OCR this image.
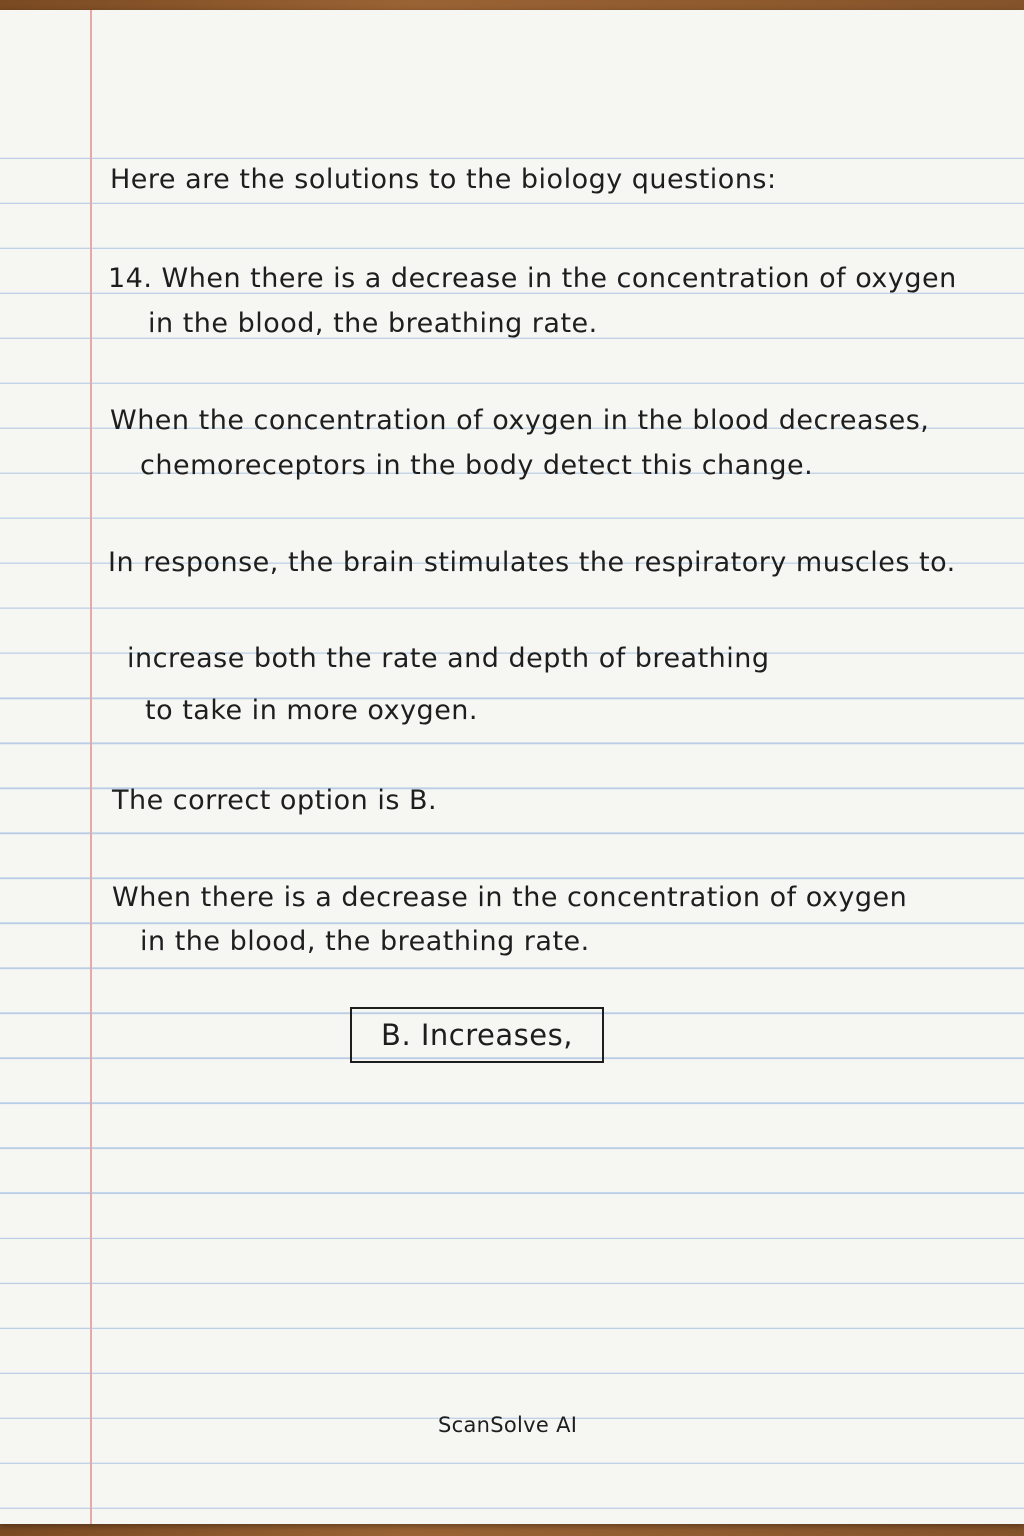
Here are the solutions to the biology questions:
14. When there is a decrease in the concentration of oxygen
in the blood, the breathing rate.
When the concentration of oxygen in the blood decreases,
chemoreceptors in the body detect this change.
In response, the brain stimulates the respiratory muscles to.
increase both the rate and depth of breathing
to take in more oxygen.
The correct option is B.
When there is a decrease in the concentration of oxygen
in the blood, the breathing rate.
B. Increases,
ScanSolve AI
